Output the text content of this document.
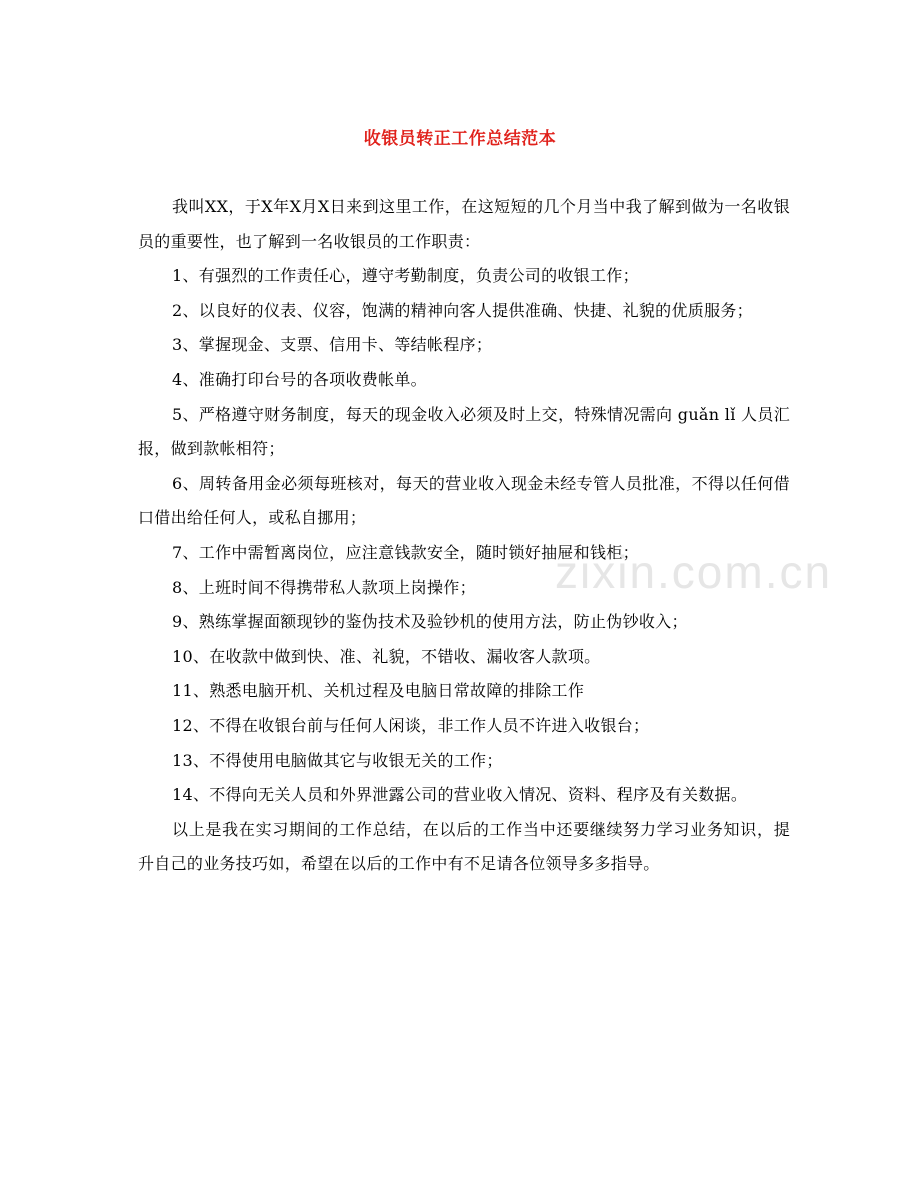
zixin.com.cn
收银员转正工作总结范本

我叫XX，于X年X月X日来到这里工作，在这短短的几个月当中我了解到做为一名收银员的重要性，也了解到一名收银员的工作职责：

1、有强烈的工作责任心，遵守考勤制度，负责公司的收银工作；

2、以良好的仪表、仪容，饱满的精神向客人提供准确、快捷、礼貌的优质服务；

3、掌握现金、支票、信用卡、等结帐程序；

4、准确打印台号的各项收费帐单。

5、严格遵守财务制度，每天的现金收入必须及时上交，特殊情况需向 guǎn lǐ 人员汇报，做到款帐相符；

6、周转备用金必须每班核对，每天的营业收入现金未经专管人员批准，不得以任何借口借出给任何人，或私自挪用；

7、工作中需暂离岗位，应注意钱款安全，随时锁好抽屉和钱柜；

8、上班时间不得携带私人款项上岗操作；

9、熟练掌握面额现钞的鉴伪技术及验钞机的使用方法，防止伪钞收入；

10、在收款中做到快、准、礼貌，不错收、漏收客人款项。

11、熟悉电脑开机、关机过程及电脑日常故障的排除工作

12、不得在收银台前与任何人闲谈，非工作人员不许进入收银台；

13、不得使用电脑做其它与收银无关的工作；

14、不得向无关人员和外界泄露公司的营业收入情况、资料、程序及有关数据。

以上是我在实习期间的工作总结，在以后的工作当中还要继续努力学习业务知识，提升自己的业务技巧如，希望在以后的工作中有不足请各位领导多多指导。
